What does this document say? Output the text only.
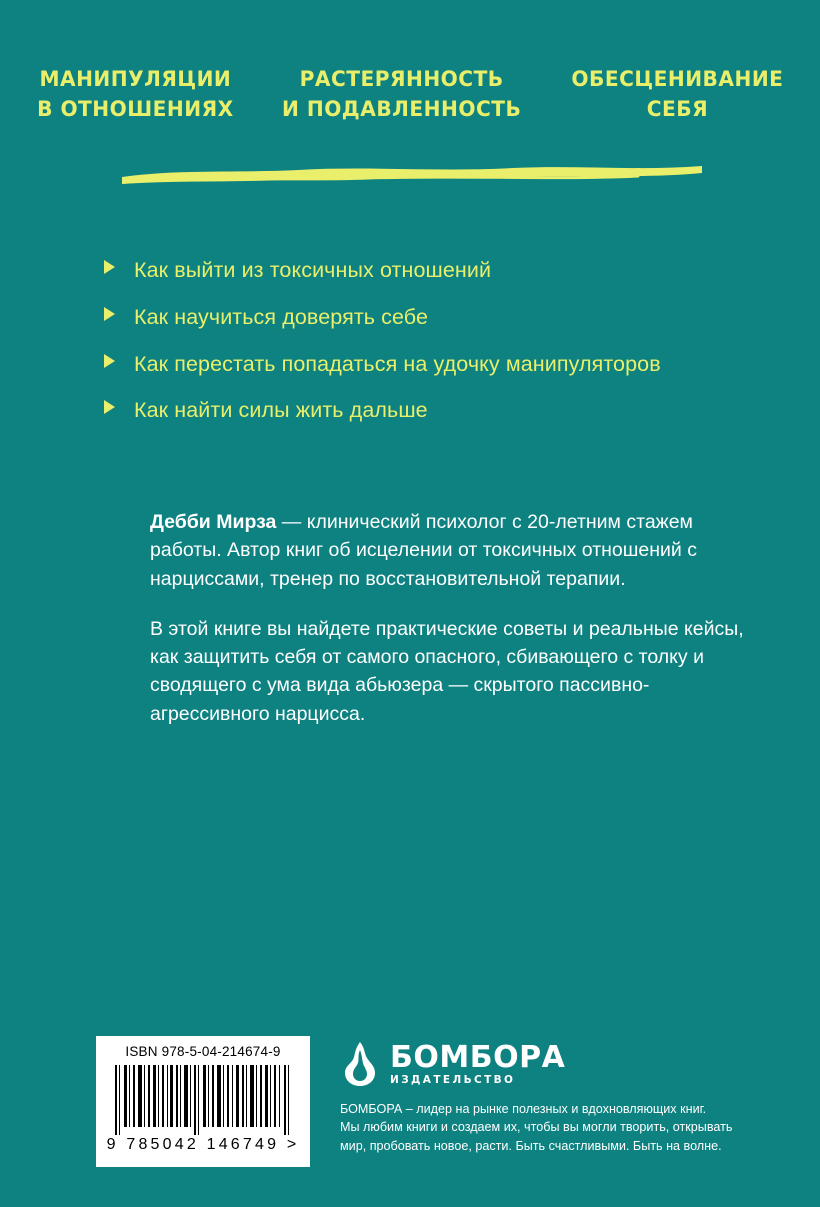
МАНИПУЛЯЦИИ
В ОТНОШЕНИЯХ
РАСТЕРЯННОСТЬ
И ПОДАВЛЕННОСТЬ
ОБЕСЦЕНИВАНИЕ
СЕБЯ
Как выйти из токсичных отношений
Как научиться доверять себе
Как перестать попадаться на удочку манипуляторов
Как найти силы жить дальше

Дебби Мирза — клинический психолог с 20-летним стажем работы. Автор книг об исцелении от токсичных отношений с нарциссами, тренер по восстановительной терапии.

В этой книге вы найдете практические советы и реальные кейсы, как защитить себя от самого опасного, сбивающего с толку и сводящего с ума вида абьюзера — скрытого пассивно-агрессивного нарцисса.

ISBN 978-5-04-214674-9
9 785042 146749 >
БОМБОРА
ИЗДАТЕЛЬСТВО
БОМБОРА – лидер на рынке полезных и вдохновляющих книг.
Мы любим книги и создаем их, чтобы вы могли творить, открывать
мир, пробовать новое, расти. Быть счастливыми. Быть на волне.
